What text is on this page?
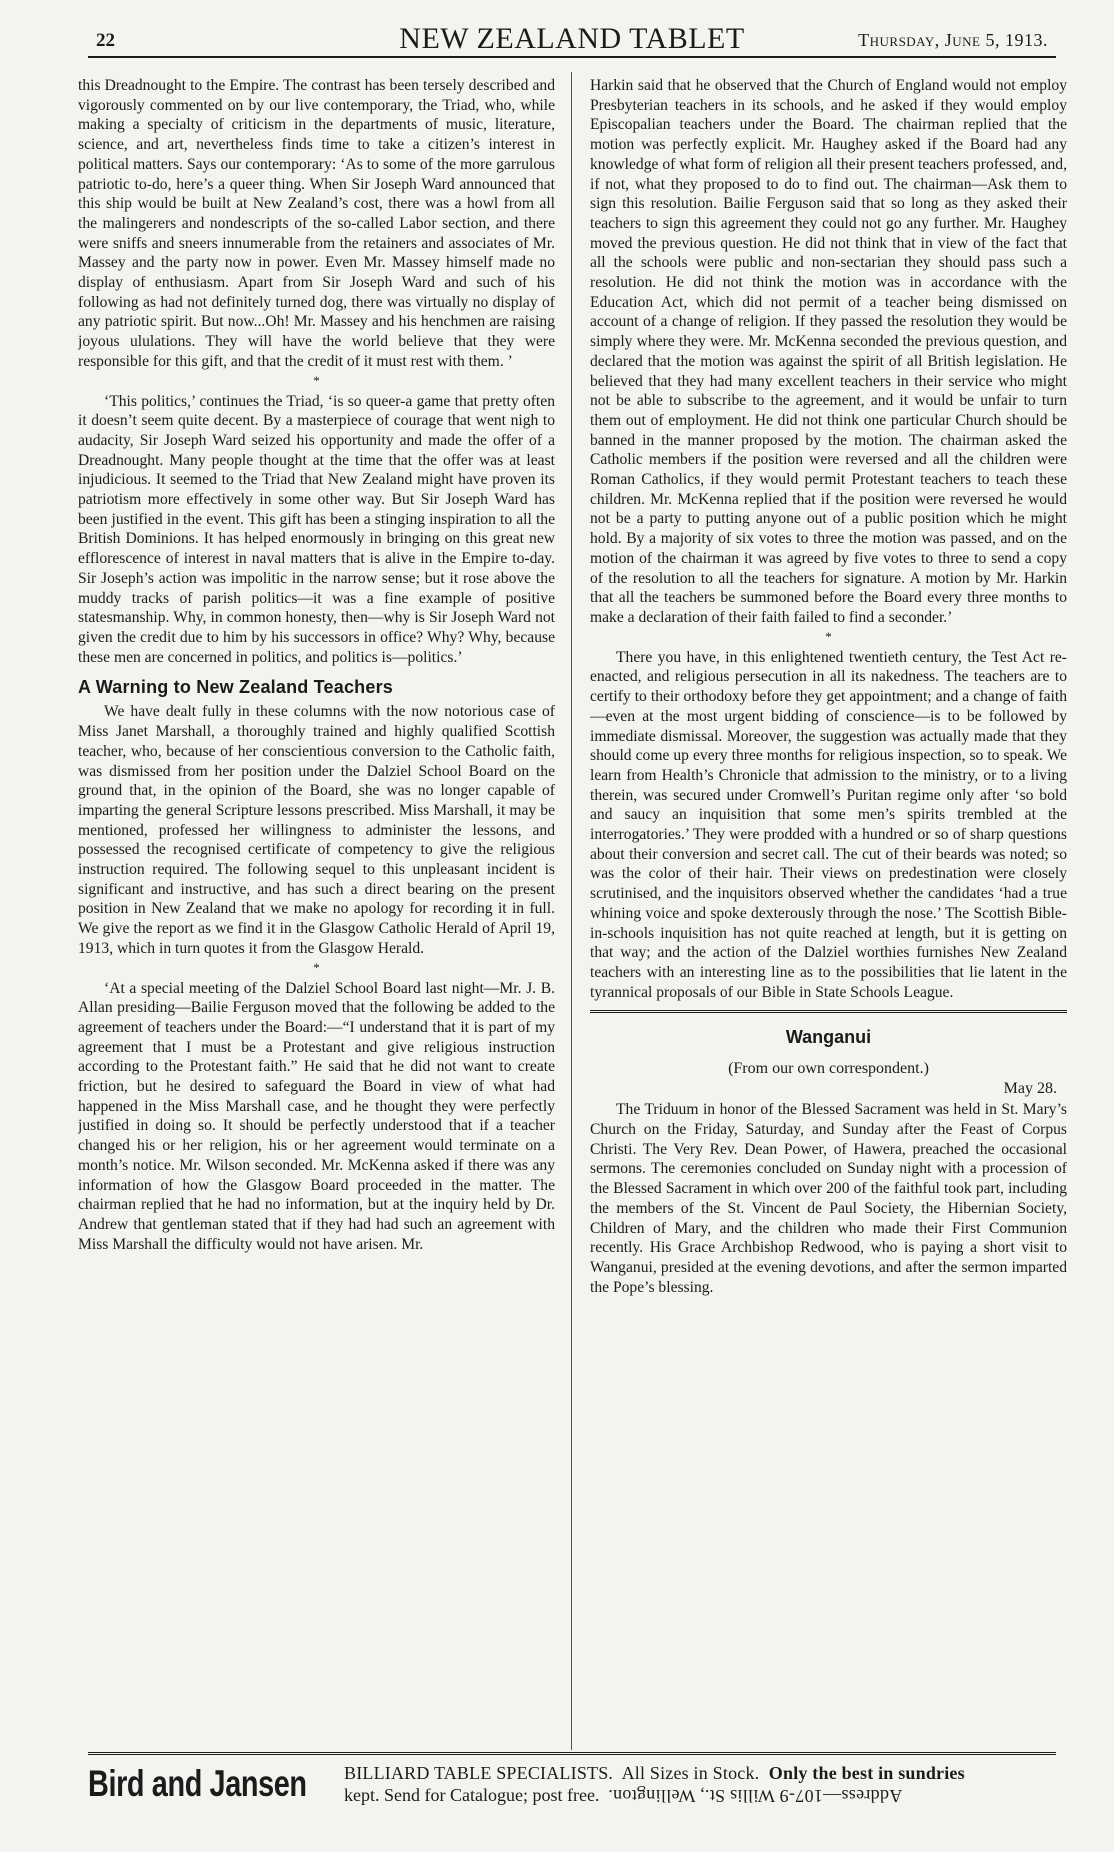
22	NEW ZEALAND TABLET	Thursday, June 5, 1913.

this Dreadnought to the Empire. The contrast has been tersely described and vigorously commented on by our live contemporary, the Triad, who, while making a specialty of criticism in the departments of music, literature, science, and art, nevertheless finds time to take a citizen’s interest in political matters. Says our contemporary: ‘As to some of the more garrulous patriotic to-do, here’s a queer thing. When Sir Joseph Ward announced that this ship would be built at New Zealand’s cost, there was a howl from all the malingerers and nondescripts of the so-called Labor section, and there were sniffs and sneers innumerable from the retainers and associates of Mr. Massey and the party now in power. Even Mr. Massey himself made no display of enthusiasm. Apart from Sir Joseph Ward and such of his following as had not definitely turned dog, there was virtually no display of any patriotic spirit. But now...Oh! Mr. Massey and his henchmen are raising joyous ululations. They will have the world believe that they were responsible for this gift, and that the credit of it must rest with them. ’

*

‘This politics,’ continues the Triad, ‘is so queer-a game that pretty often it doesn’t seem quite decent. By a masterpiece of courage that went nigh to audacity, Sir Joseph Ward seized his opportunity and made the offer of a Dreadnought. Many people thought at the time that the offer was at least injudicious. It seemed to the Triad that New Zealand might have proven its patriotism more effectively in some other way. But Sir Joseph Ward has been justified in the event. This gift has been a stinging inspiration to all the British Dominions. It has helped enormously in bringing on this great new efflorescence of interest in naval matters that is alive in the Empire to-day. Sir Joseph’s action was impolitic in the narrow sense; but it rose above the muddy tracks of parish politics—it was a fine example of positive statesmanship. Why, in common honesty, then—why is Sir Joseph Ward not given the credit due to him by his successors in office? Why? Why, because these men are concerned in politics, and politics is—politics.’

A Warning to New Zealand Teachers

We have dealt fully in these columns with the now notorious case of Miss Janet Marshall, a thoroughly trained and highly qualified Scottish teacher, who, because of her conscientious conversion to the Catholic faith, was dismissed from her position under the Dalziel School Board on the ground that, in the opinion of the Board, she was no longer capable of imparting the general Scripture lessons prescribed. Miss Marshall, it may be mentioned, professed her willingness to administer the lessons, and possessed the recognised certificate of competency to give the religious instruction required. The following sequel to this unpleasant incident is significant and instructive, and has such a direct bearing on the present position in New Zealand that we make no apology for recording it in full. We give the report as we find it in the Glasgow Catholic Herald of April 19, 1913, which in turn quotes it from the Glasgow Herald.

*

‘At a special meeting of the Dalziel School Board last night—Mr. J. B. Allan presiding—Bailie Ferguson moved that the following be added to the agreement of teachers under the Board:—“I understand that it is part of my agreement that I must be a Protestant and give religious instruction according to the Protestant faith.” He said that he did not want to create friction, but he desired to safeguard the Board in view of what had happened in the Miss Marshall case, and he thought they were perfectly justified in doing so. It should be perfectly understood that if a teacher changed his or her religion, his or her agreement would terminate on a month’s notice. Mr. Wilson seconded. Mr. McKenna asked if there was any information of how the Glasgow Board proceeded in the matter. The chairman replied that he had no information, but at the inquiry held by Dr. Andrew that gentleman stated that if they had had such an agreement with Miss Marshall the difficulty would not have arisen. Mr.

Harkin said that he observed that the Church of England would not employ Presbyterian teachers in its schools, and he asked if they would employ Episcopalian teachers under the Board. The chairman replied that the motion was perfectly explicit. Mr. Haughey asked if the Board had any knowledge of what form of religion all their present teachers professed, and, if not, what they proposed to do to find out. The chairman—Ask them to sign this resolution. Bailie Ferguson said that so long as they asked their teachers to sign this agreement they could not go any further. Mr. Haughey moved the previous question. He did not think that in view of the fact that all the schools were public and non-sectarian they should pass such a resolution. He did not think the motion was in accordance with the Education Act, which did not permit of a teacher being dismissed on account of a change of religion. If they passed the resolution they would be simply where they were. Mr. McKenna seconded the previous question, and declared that the motion was against the spirit of all British legislation. He believed that they had many excellent teachers in their service who might not be able to subscribe to the agreement, and it would be unfair to turn them out of employment. He did not think one particular Church should be banned in the manner proposed by the motion. The chairman asked the Catholic members if the position were reversed and all the children were Roman Catholics, if they would permit Protestant teachers to teach these children. Mr. McKenna replied that if the position were reversed he would not be a party to putting anyone out of a public position which he might hold. By a majority of six votes to three the motion was passed, and on the motion of the chairman it was agreed by five votes to three to send a copy of the resolution to all the teachers for signature. A motion by Mr. Harkin that all the teachers be summoned before the Board every three months to make a declaration of their faith failed to find a seconder.’

*

There you have, in this enlightened twentieth century, the Test Act re-enacted, and religious persecution in all its nakedness. The teachers are to certify to their orthodoxy before they get appointment; and a change of faith—even at the most urgent bidding of conscience—is to be followed by immediate dismissal. Moreover, the suggestion was actually made that they should come up every three months for religious inspection, so to speak. We learn from Health’s Chronicle that admission to the ministry, or to a living therein, was secured under Cromwell’s Puritan regime only after ‘so bold and saucy an inquisition that some men’s spirits trembled at the interrogatories.’ They were prodded with a hundred or so of sharp questions about their conversion and secret call. The cut of their beards was noted; so was the color of their hair. Their views on predestination were closely scrutinised, and the inquisitors observed whether the candidates ‘had a true whining voice and spoke dexterously through the nose.’ The Scottish Bible-in-schools inquisition has not quite reached at length, but it is getting on that way; and the action of the Dalziel worthies furnishes New Zealand teachers with an interesting line as to the possibilities that lie latent in the tyrannical proposals of our Bible in State Schools League.

Wanganui
(From our own correspondent.)
May 28.

The Triduum in honor of the Blessed Sacrament was held in St. Mary’s Church on the Friday, Saturday, and Sunday after the Feast of Corpus Christi. The Very Rev. Dean Power, of Hawera, preached the occasional sermons. The ceremonies concluded on Sunday night with a procession of the Blessed Sacrament in which over 200 of the faithful took part, including the members of the St. Vincent de Paul Society, the Hibernian Society, Children of Mary, and the children who made their First Communion recently. His Grace Archbishop Redwood, who is paying a short visit to Wanganui, presided at the evening devotions, and after the sermon imparted the Pope’s blessing.

Bird and Jansen BILLIARD TABLE SPECIALISTS. All Sizes in Stock. Only the best in sundries
kept. Send for Catalogue; post free. Address—107-9 Willis St., Wellington.
